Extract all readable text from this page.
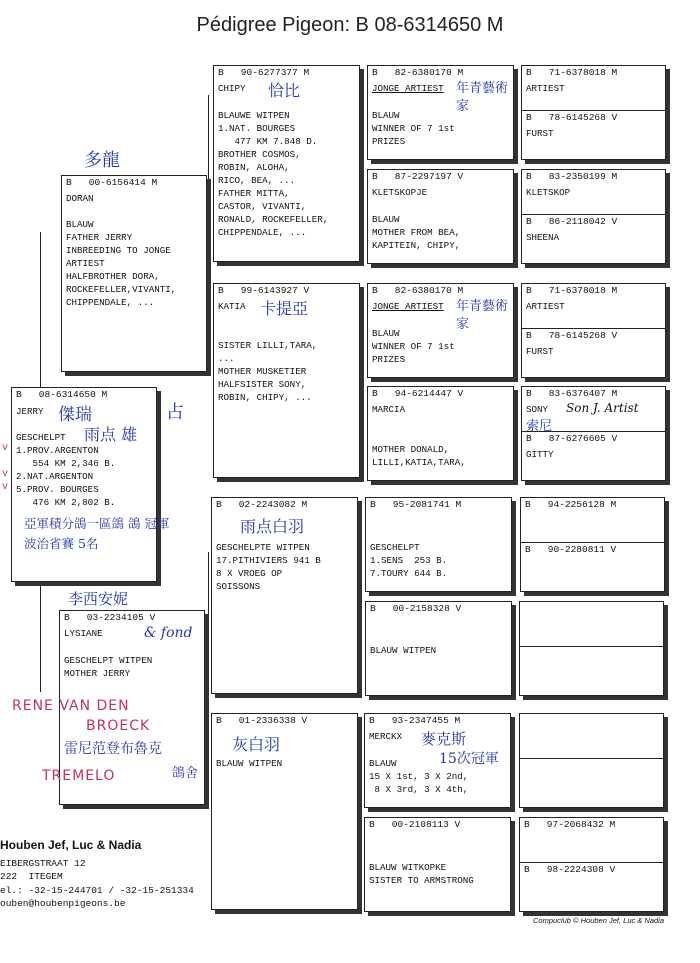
Pédigree Pigeon: B 08-6314650 M
B   08-6314650 M
JERRY
GESCHELPT
1.PROV.ARGENTON
554 KM 2,346 B.
2.NAT.ARGENTON
5.PROV. BOURGES
476 KM 2,802 B.
傑瑞
雨点 雄
亞軍積分鴿一區鴿 鴿 冠軍
波治省賽 5名
占
v
v
v
多龍
B   00-6156414 M
DORAN
BLAUW
FATHER JERRY
INBREEDING TO JONGE
ARTIEST
HALFBROTHER DORA,
ROCKEFELLER,VIVANTI,
CHIPPENDALE, ...
李西安妮
B   03-2234105 V
LYSIANE
GESCHELPT WITPEN
MOTHER JERRY
& fond
RENE VAN DEN
BROECK
雷尼范登布魯克
TREMELO	鴿舍
B   90-6277377 M
CHIPY	恰比
BLAUWE WITPEN
1.NAT. BOURGES
477 KM 7.848 D.
BROTHER COSMOS,
ROBIN, ALOHA,
RICO, BEA, ...
FATHER MITTA,
CASTOR, VIVANTI,
RONALD, ROCKEFELLER,
CHIPPENDALE, ...
B   99-6143927 V
KATIA 卡提亞
SISTER LILLI,TARA,
...
MOTHER MUSKETIER
HALFSISTER SONY,
ROBIN, CHIPY, ...
B   02-2243082 M
雨点白羽
GESCHELPTE WITPEN
17.PITHIVIERS 941 B
8 X VROEG OP
SOISSONS
B   01-2336338 V
灰白羽
BLAUW WITPEN
B   82-6380170 M
JONGE ARTIEST 年青藝術家
BLAUW
WINNER OF 7 1st
PRIZES
B   87-2297197 V
KLETSKOPJE
BLAUW
MOTHER FROM BEA,
KAPITEIN, CHIPY,
B   82-6380170 M
JONGE ARTIEST 年青藝術家
BLAUW
WINNER OF 7 1st
PRIZES
B   94-6214447 V
MARCIA
MOTHER DONALD,
LILLI,KATIA,TARA,
B   95-2081741 M
GESCHELPT
1.SENS  253 B.
7.TOURY 644 B.
B   00-2158328 V
BLAUW WITPEN
B   93-2347455 M
MERCKX	麥克斯
15次冠軍
BLAUW
15 X 1st, 3 X 2nd,
8 X 3rd, 3 X 4th,
B   00-2108113 V
BLAUW WITKOPKE
SISTER TO ARMSTRONG
B   71-6378018 M
ARTIEST
B   78-6145268 V
FURST
B   83-2350199 M
KLETSKOP
B   86-2118042 V
SHEENA
B   71-6378018 M
ARTIEST
B   78-6145268 V
FURST
B   83-6376407 M
SONY	Son J. Artist
索尼
B   87-6276605 V
GITTY
B   94-2256128 M
B   90-2280811 V
B   97-2068432 M
B   98-2224308 V
Houben Jef, Luc & Nadia
EIBERGSTRAAT 12
222  ITEGEM
el.: -32-15-244701 / -32-15-251334
ouben@houbenpigeons.be
Compuclub © Houben Jef, Luc & Nadia
